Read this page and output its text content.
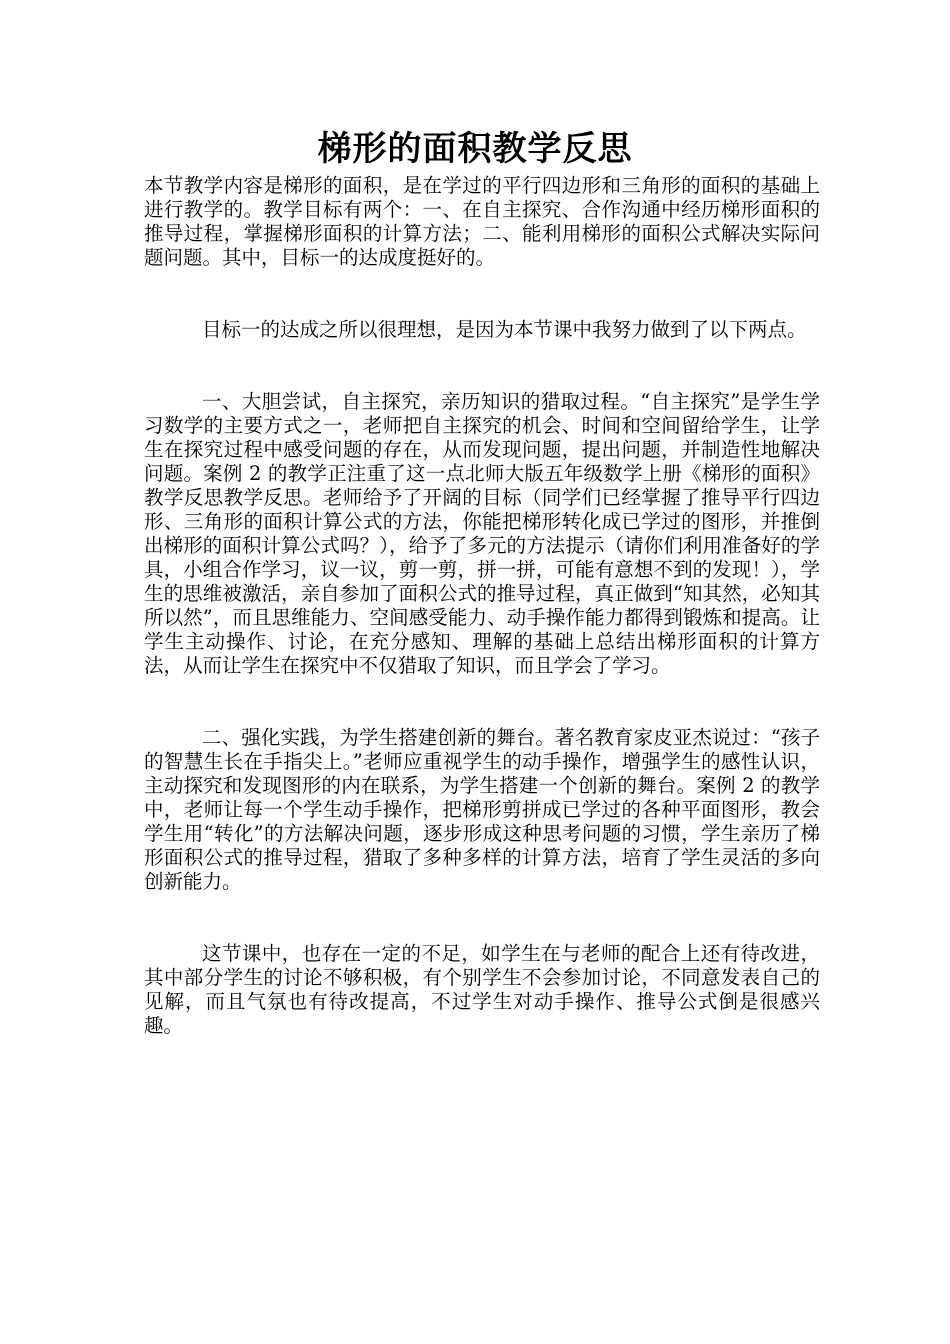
梯形的面积教学反思

本节教学内容是梯形的面积，是在学过的平行四边形和三角形的面积的基础上进行教学的。教学目标有两个：一、在自主探究、合作沟通中经历梯形面积的推导过程，掌握梯形面积的计算方法；二、能利用梯形的面积公式解决实际问题问题。其中，目标一的达成度挺好的。

目标一的达成之所以很理想，是因为本节课中我努力做到了以下两点。

一、大胆尝试，自主探究，亲历知识的猎取过程。“自主探究”是学生学习数学的主要方式之一，老师把自主探究的机会、时间和空间留给学生，让学生在探究过程中感受问题的存在，从而发现问题，提出问题，并制造性地解决问题。案例 2 的教学正注重了这一点北师大版五年级数学上册《梯形的面积》教学反思教学反思。老师给予了开阔的目标（同学们已经掌握了推导平行四边形、三角形的面积计算公式的方法，你能把梯形转化成已学过的图形，并推倒出梯形的面积计算公式吗？），给予了多元的方法提示（请你们利用准备好的学具，小组合作学习，议一议，剪一剪，拼一拼，可能有意想不到的发现！），学生的思维被激活，亲自参加了面积公式的推导过程，真正做到“知其然，必知其所以然”，而且思维能力、空间感受能力、动手操作能力都得到锻炼和提高。让学生主动操作、讨论，在充分感知、理解的基础上总结出梯形面积的计算方法，从而让学生在探究中不仅猎取了知识，而且学会了学习。

二、强化实践，为学生搭建创新的舞台。著名教育家皮亚杰说过：“孩子的智慧生长在手指尖上。”老师应重视学生的动手操作，增强学生的感性认识，主动探究和发现图形的内在联系，为学生搭建一个创新的舞台。案例 2 的教学中，老师让每一个学生动手操作，把梯形剪拼成已学过的各种平面图形，教会学生用“转化”的方法解决问题，逐步形成这种思考问题的习惯，学生亲历了梯形面积公式的推导过程，猎取了多种多样的计算方法，培育了学生灵活的多向创新能力。

这节课中，也存在一定的不足，如学生在与老师的配合上还有待改进，其中部分学生的讨论不够积极，有个别学生不会参加讨论，不同意发表自己的见解，而且气氛也有待改提高，不过学生对动手操作、推导公式倒是很感兴趣。
